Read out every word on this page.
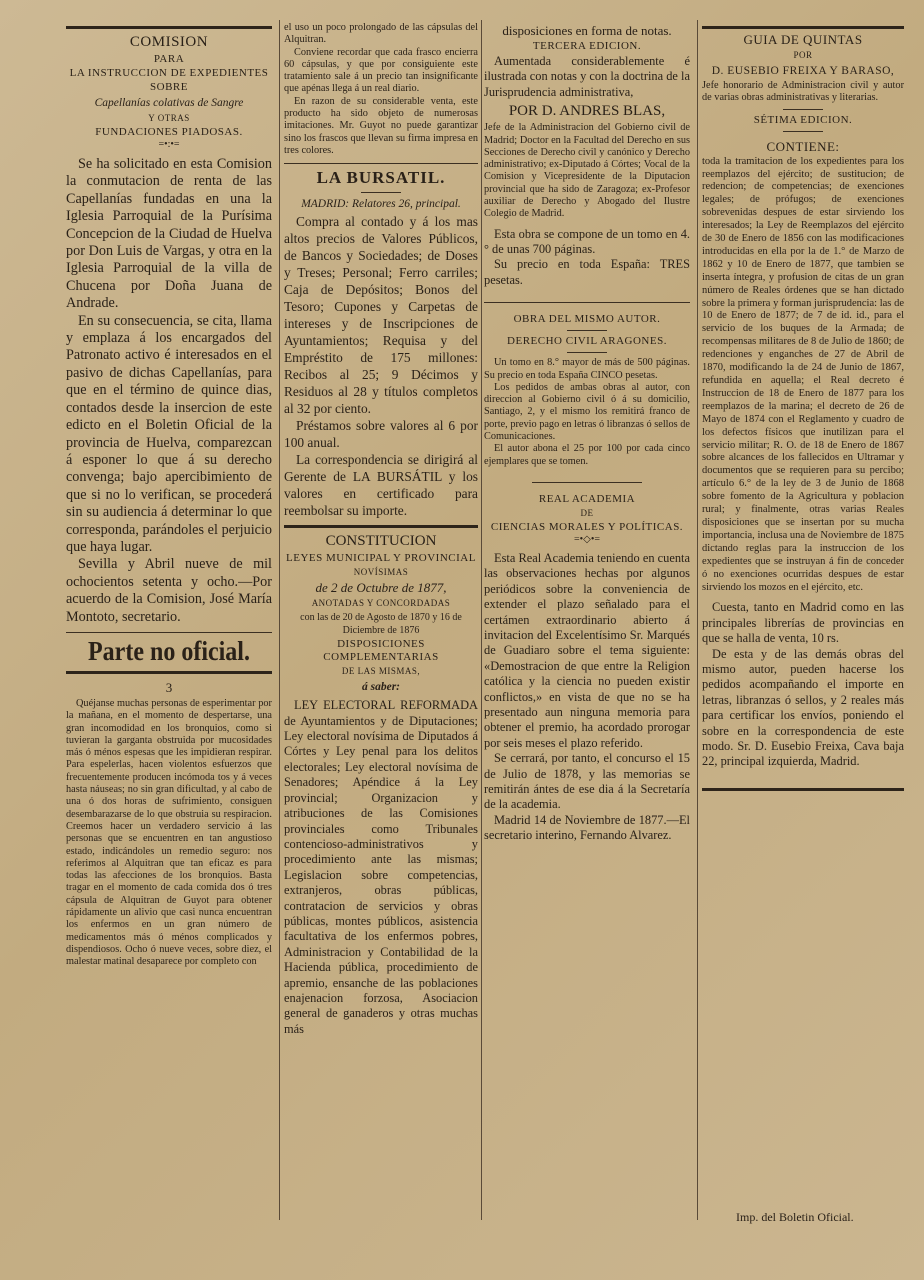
COMISION
PARA
LA INSTRUCCION DE EXPEDIENTES
SOBRE
Capellanías colativas de Sangre
Y OTRAS
FUNDACIONES PIADOSAS.
=•:•=

Se ha solicitado en esta Comision la conmutacion de renta de las Capellanías fundadas en una la Iglesia Parroquial de la Purísima Concepcion de la Ciudad de Huelva por Don Luis de Vargas, y otra en la Iglesia Parroquial de la villa de Chucena por Doña Juana de Andrade.

En su consecuencia, se cita, llama y emplaza á los encargados del Patronato activo é interesados en el pasivo de dichas Capellanías, para que en el término de quince dias, contados desde la insercion de este edicto en el Boletin Oficial de la provincia de Huelva, comparezcan á esponer lo que á su derecho convenga; bajo apercibimiento de que si no lo verifican, se procederá sin su audiencia á determinar lo que corresponda, parándoles el perjuicio que haya lugar.

Sevilla y Abril nueve de mil ochocientos setenta y ocho.—Por acuerdo de la Comision, José María Montoto, secretario.

Parte no oficial.
3

Quéjanse muchas personas de esperimentar por la mañana, en el momento de despertarse, una gran incomodidad en los bronquios, como si tuvieran la garganta obstruida por mucosidades más ó ménos espesas que les impidieran respirar. Para espelerlas, hacen violentos esfuerzos que frecuentemente producen incómoda tos y á veces hasta náuseas; no sin gran dificultad, y al cabo de una ó dos horas de sufrimiento, consiguen desembarazarse de lo que obstruia su respiracion. Creemos hacer un verdadero servicio á las personas que se encuentren en tan angustioso estado, indicándoles un remedio seguro: nos referimos al Alquitran que tan eficaz es para todas las afecciones de los bronquios. Basta tragar en el momento de cada comida dos ó tres cápsula de Alquitran de Guyot para obtener rápidamente un alivio que casi nunca encuentran los enfermos en un gran número de medicamentos más ó ménos complicados y dispendiosos. Ocho ó nueve veces, sobre diez, el malestar matinal desaparece por completo con

el uso un poco prolongado de las cápsulas del Alquitran.

Conviene recordar que cada frasco encierra 60 cápsulas, y que por consiguiente este tratamiento sale á un precio tan insignificante que apénas llega á un real diario.

En razon de su considerable venta, este producto ha sido objeto de numerosas imitaciones. Mr. Guyot no puede garantizar sino los frascos que llevan su firma impresa en tres colores.

LA BURSATIL.
MADRID: Relatores 26, principal.

Compra al contado y á los mas altos precios de Valores Públicos, de Bancos y Sociedades; de Doses y Treses; Personal; Ferro carriles; Caja de Depósitos; Bonos del Tesoro; Cupones y Carpetas de intereses y de Inscripciones de Ayuntamientos; Requisa y del Empréstito de 175 millones: Recibos al 25; 9 Décimos y Residuos al 28 y títulos completos al 32 por ciento.

Préstamos sobre valores al 6 por 100 anual.

La correspondencia se dirigirá al Gerente de LA BURSÁTIL y los valores en certificado para reembolsar su importe.

CONSTITUCION
LEYES MUNICIPAL Y PROVINCIAL
NOVÍSIMAS
de 2 de Octubre de 1877,
ANOTADAS Y CONCORDADAS
con las de 20 de Agosto de 1870 y 16 de Diciembre de 1876
DISPOSICIONES COMPLEMENTARIAS
DE LAS MISMAS,
á saber:

LEY ELECTORAL REFORMADA de Ayuntamientos y de Diputaciones; Ley electoral novísima de Diputados á Córtes y Ley penal para los delitos electorales; Ley electoral novísima de Senadores; Apéndice á la Ley provincial; Organizacion y atribuciones de las Comisiones provinciales como Tribunales contencioso-administrativos y procedimiento ante las mismas; Legislacion sobre competencias, extranjeros, obras públicas, contratacion de servicios y obras públicas, montes públicos, asistencia facultativa de los enfermos pobres, Administracion y Contabilidad de la Hacienda pública, procedimiento de apremio, ensanche de las poblaciones enajenacion forzosa, Asociacion general de ganaderos y otras muchas más

disposiciones en forma de notas.
TERCERA EDICION.

Aumentada considerablemente é ilustrada con notas y con la doctrina de la Jurisprudencia administrativa,

POR D. ANDRES BLAS,

Jefe de la Administracion del Gobierno civil de Madrid; Doctor en la Facultad del Derecho en sus Secciones de Derecho civil y canónico y Derecho administrativo; ex-Diputado á Córtes; Vocal de la Comision y Vicepresidente de la Diputacion provincial que ha sido de Zaragoza; ex-Profesor auxiliar de Derecho y Abogado del Ilustre Colegio de Madrid.

Esta obra se compone de un tomo en 4.° de unas 700 páginas.

Su precio en toda España: TRES pesetas.

OBRA DEL MISMO AUTOR.
DERECHO CIVIL ARAGONES.

Un tomo en 8.° mayor de más de 500 páginas. Su precio en toda España CINCO pesetas.

Los pedidos de ambas obras al autor, con direccion al Gobierno civil ó á su domicilio, Santiago, 2, y el mismo los remitirá franco de porte, previo pago en letras ó libranzas ó sellos de Comunicaciones.

El autor abona el 25 por 100 por cada cinco ejemplares que se tomen.

REAL ACADEMIA
DE
CIENCIAS MORALES Y POLÍTICAS.
=•◇•=

Esta Real Academia teniendo en cuenta las observaciones hechas por algunos periódicos sobre la conveniencia de extender el plazo señalado para el certámen extraordinario abierto á invitacion del Excelentísimo Sr. Marqués de Guadiaro sobre el tema siguiente: «Demostracion de que entre la Religion católica y la ciencia no pueden existir conflictos,» en vista de que no se ha presentado aun ninguna memoria para obtener el premio, ha acordado prorogar por seis meses el plazo referido.

Se cerrará, por tanto, el concurso el 15 de Julio de 1878, y las memorias se remitirán ántes de ese dia á la Secretaría de la academia.

Madrid 14 de Noviembre de 1877.—El secretario interino, Fernando Alvarez.

GUIA DE QUINTAS
POR
D. EUSEBIO FREIXA Y BARASO,

Jefe honorario de Administracion civil y autor de varias obras administrativas y literarias.

SÉTIMA EDICION.
CONTIENE:

toda la tramitacion de los expedientes para los reemplazos del ejército; de sustitucion; de redencion; de competencias; de exenciones legales; de prófugos; de exenciones sobrevenidas despues de estar sirviendo los interesados; la Ley de Reemplazos del ejército de 30 de Enero de 1856 con las modificaciones introducidas en ella por la de 1.° de Marzo de 1862 y 10 de Enero de 1877, que tambien se inserta íntegra, y profusion de citas de un gran número de Reales órdenes que se han dictado sobre la primera y forman jurisprudencia: las de 10 de Enero de 1877; de 7 de id. id., para el servicio de los buques de la Armada; de recompensas militares de 8 de Julio de 1860; de redenciones y enganches de 27 de Abril de 1870, modificando la de 24 de Junio de 1867, refundida en aquella; el Real decreto é Instruccion de 18 de Enero de 1877 para los reemplazos de la marina; el decreto de 26 de Mayo de 1874 con el Reglamento y cuadro de los defectos físicos que inutilizan para el servicio militar; R. O. de 18 de Enero de 1867 sobre alcances de los fallecidos en Ultramar y documentos que se requieren para su percibo; artículo 6.° de la ley de 3 de Junio de 1868 sobre fomento de la Agricultura y poblacion rural; y finalmente, otras varias Reales disposiciones que se insertan por su mucha importancia, inclusa una de Noviembre de 1875 dictando reglas para la instruccion de los expedientes que se instruyan á fin de conceder ó no exenciones ocurridas despues de estar sirviendo los mozos en el ejército, etc.

Cuesta, tanto en Madrid como en las principales librerías de provincias en que se halla de venta, 10 rs.

De esta y de las demás obras del mismo autor, pueden hacerse los pedidos acompañando el importe en letras, libranzas ó sellos, y 2 reales más para certificar los envíos, poniendo el sobre en la correspondencia de este modo. Sr. D. Eusebio Freixa, Cava baja 22, principal izquierda, Madrid.

Imp. del Boletin Oficial.
